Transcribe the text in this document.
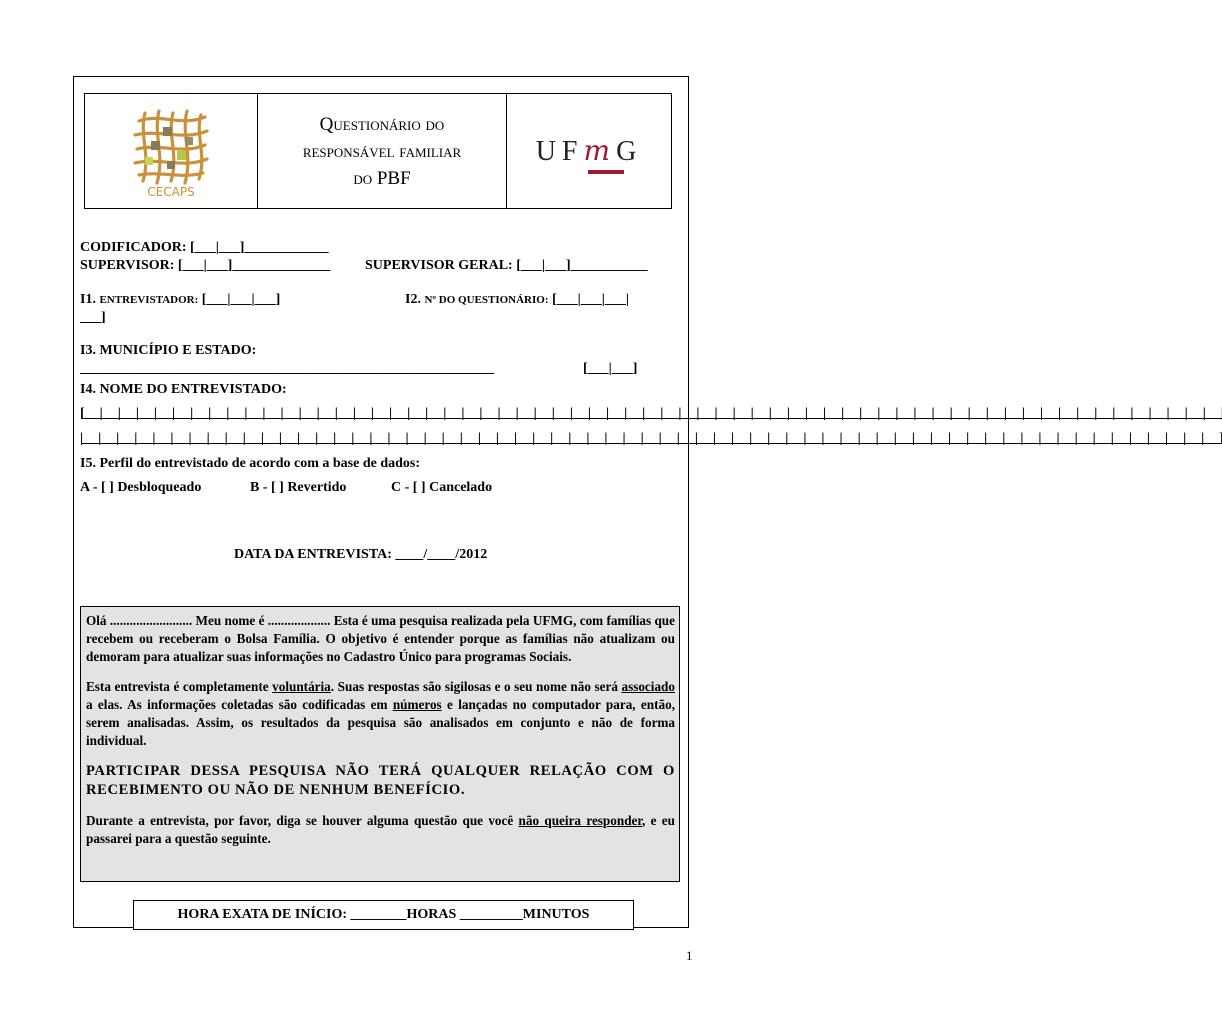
CECAPS
Questionário do
responsável familiar
do PBF
UFmG
CODIFICADOR: [___|___]____________
SUPERVISOR: [___|___]______________ SUPERVISOR GERAL: [___|___]___________
I1. ENTREVISTADOR: [___|___|___]	I2. Nº DO QUESTIONÁRIO: [___|___|___|
___]
I3. MUNICÍPIO E ESTADO:
____________________________________________________________	[___|___]
I4. NOME DO ENTREVISTADO:
[___|___|___|___|___|___|___|___|___|___|___|___|___|___|___|___|___|___|___|___|___|___|___|___|___|___|___|___|___|___|___|___|___|___|___|___|___|___|___|___|___|___|___|___|___|___|___|___|___|___|___|___|___|___|___|___|___|___|___|___|___|___|___|
|___|___|___|___|___|___|___|___|___|___|___|___|___|___|___|___|___|___|___|___|___|___|___|___|___|___|___|___|___|___|___|___|___|___|___|___|___|___|___|___|___|___|___|___|___|___|___|___|___|___|___|___|___|___|___|___|___|___|___|___|___|___|___]
I5. Perfil do entrevistado de acordo com a base de dados:
A - [ ] Desbloqueado	B - [ ] Revertido	C - [ ] Cancelado
DATA DA ENTREVISTA: ____/____/2012

Olá ......................... Meu nome é ................... Esta é uma pesquisa realizada pela UFMG, com famílias que recebem ou receberam o Bolsa Família. O objetivo é entender porque as famílias não atualizam ou demoram para atualizar suas informações no Cadastro Único para programas Sociais.

Esta entrevista é completamente voluntária. Suas respostas são sigilosas e o seu nome não será associado a elas. As informações coletadas são codificadas em números e lançadas no computador para, então, serem analisadas. Assim, os resultados da pesquisa são analisados em conjunto e não de forma individual.

PARTICIPAR DESSA PESQUISA NÃO TERÁ QUALQUER RELAÇÃO COM O RECEBIMENTO OU NÃO DE NENHUM BENEFÍCIO.

Durante a entrevista, por favor, diga se houver alguma questão que você não queira responder, e eu passarei para a questão seguinte.

HORA EXATA DE INÍCIO: ________HORAS _________MINUTOS
1
